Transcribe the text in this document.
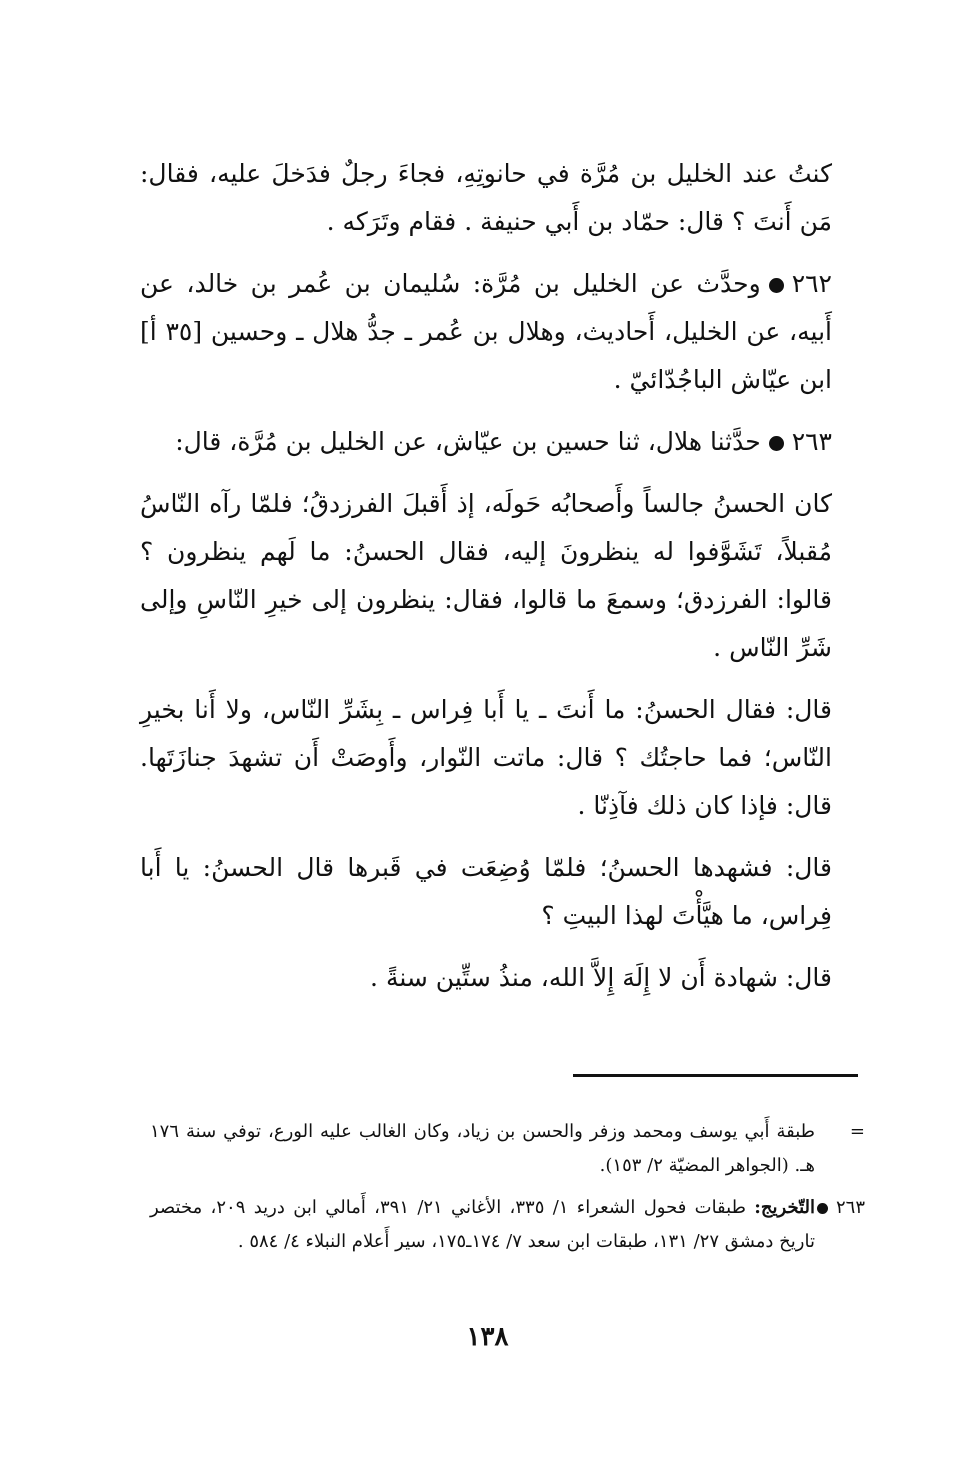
كنتُ عند الخليل بن مُرَّة في حانوتِهِ، فجاءَ رجلٌ فدَخلَ عليه، فقال: مَن أَنتَ ؟ قال: حمّاد بن أَبي حنيفة . فقام وتَرَكه .

٢٦٢وحدَّث عن الخليل بن مُرَّة: سُليمان بن عُمر بن خالد، عن أَبيه، عن الخليل، أَحاديث، وهلال بن عُمر ـ جدُّ هلال ـ وحسين [٣٥ أ] ابن عيّاش الباجُدّائيّ .

٢٦٣حدَّثنا هلال، ثنا حسين بن عيّاش، عن الخليل بن مُرَّة، قال:

كان الحسنُ جالساً وأَصحابُه حَولَه، إذ أَقبلَ الفرزدقُ؛ فلمّا رآه النّاسُ مُقبلاً، تَشَوَّفوا له ينظرونَ إليه، فقال الحسنُ: ما لَهم ينظرون ؟ قالوا: الفرزدق؛ وسمعَ ما قالوا، فقال: ينظرون إلى خيرِ النّاسِ وإلى شَرِّ النّاس .

قال: فقال الحسنُ: ما أَنتَ ـ يا أَبا فِراس ـ بِشَرِّ النّاس، ولا أَنا بخيرِ النّاس؛ فما حاجتُك ؟ قال: ماتت النّوار، وأَوصَتْ أَن تشهدَ جنازَتَها. قال: فإذا كان ذلك فآذِنّا .

قال: فشهدها الحسنُ؛ فلمّا وُضِعَت في قَبرها قال الحسنُ: يا أَبا فِراس، ما هيَّأْتَ لهذا البيتِ ؟

قال: شهادة أَن لا إِلَهَ إِلاَّ الله، منذُ ستِّين سنةً .

=
طبقة أَبي يوسف ومحمد وزفر والحسن بن زياد، وكان الغالب عليه الورع، توفي سنة ١٧٦ هـ. (الجواهر المضيّة ٢/ ١٥٣).
٢٦٣
التّخريج: طبقات فحول الشعراء ١/ ٣٣٥، الأغاني ٢١/ ٣٩١، أَمالي ابن دريد ٢٠٩، مختصر تاريخ دمشق ٢٧/ ١٣١، طبقات ابن سعد ٧/ ١٧٤ـ١٧٥، سير أَعلام النبلاء ٤/ ٥٨٤ .
١٣٨
